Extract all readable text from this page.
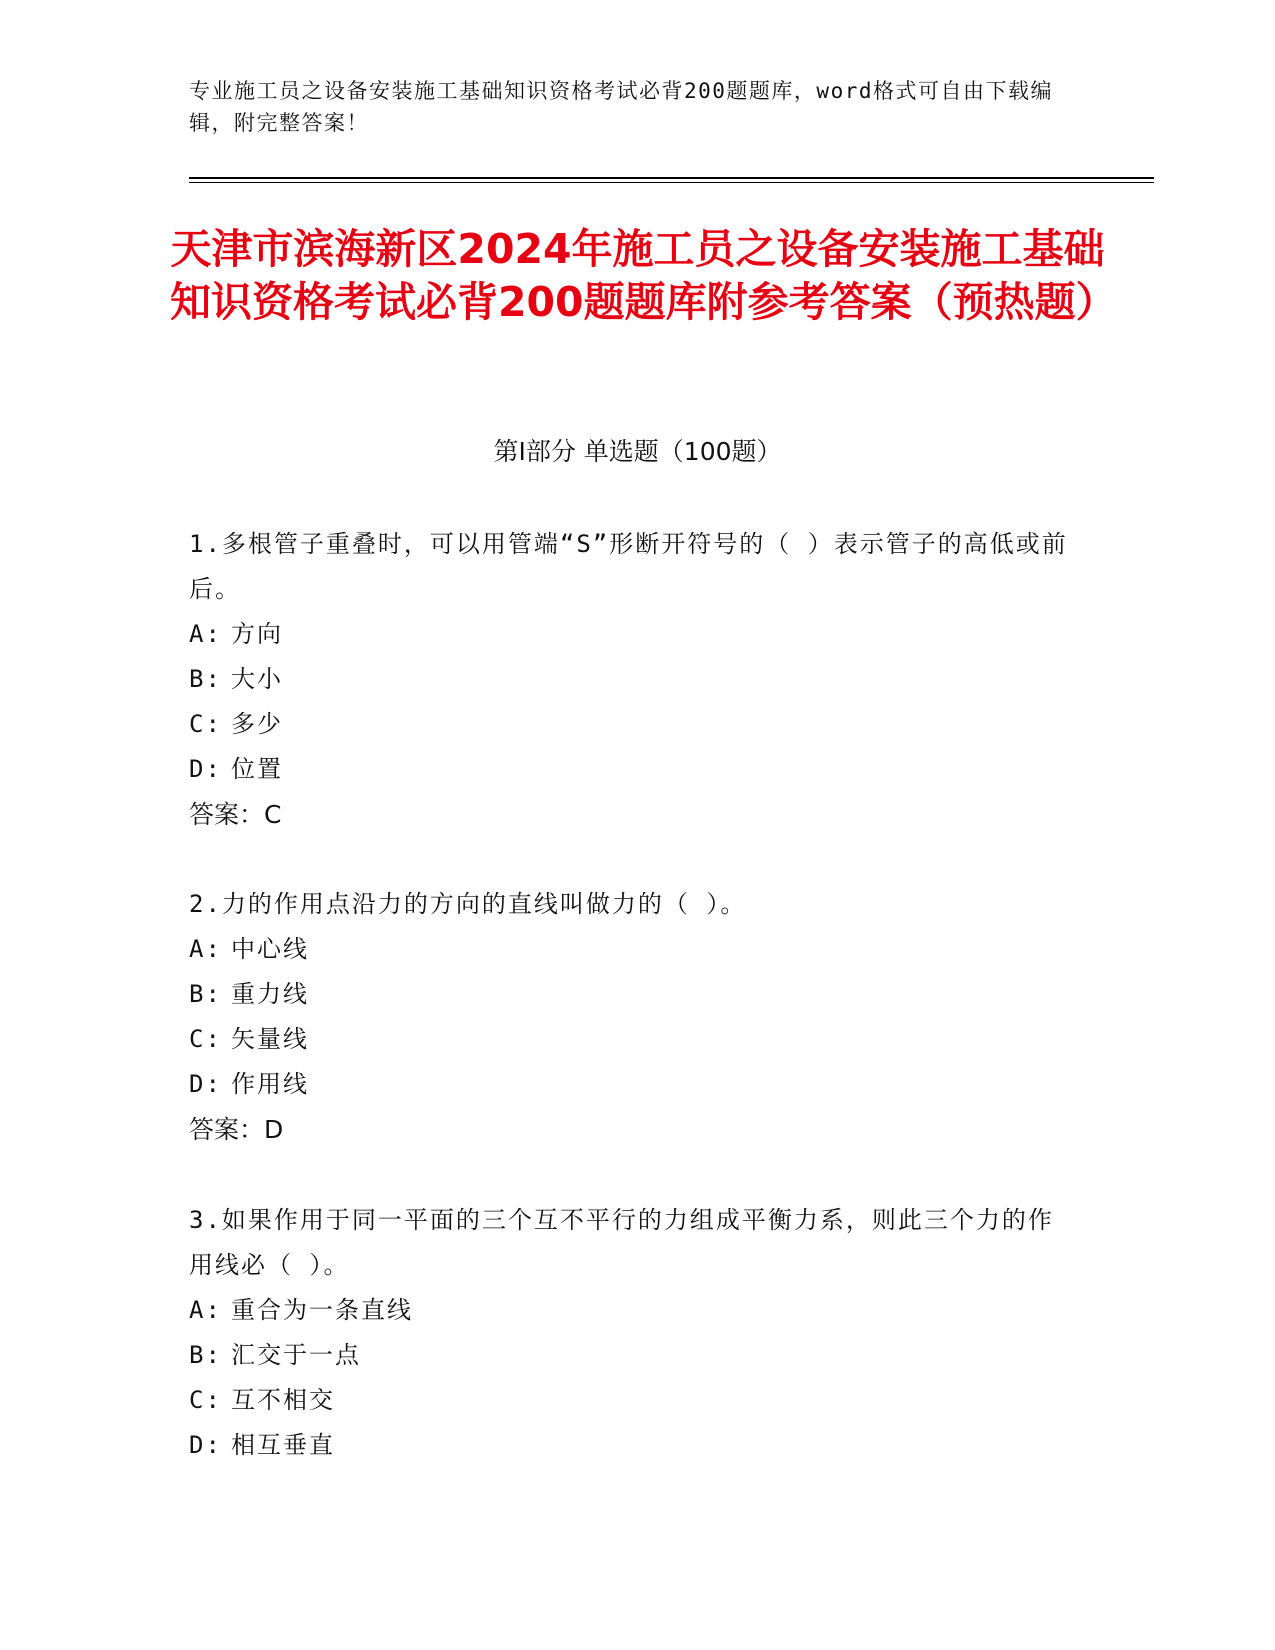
专业施工员之设备安装施工基础知识资格考试必背200题题库，word格式可自由下载编辑，附完整答案！
天津市滨海新区2024年施工员之设备安装施工基础知识资格考试必背200题题库附参考答案（预热题）
第Ⅰ部分 单选题（100题）
1.多根管子重叠时，可以用管端“S”形断开符号的（ ）表示管子的高低或前后。
A: 方向
B: 大小
C: 多少
D: 位置
答案：C
2.力的作用点沿力的方向的直线叫做力的（ ）。
A: 中心线
B: 重力线
C: 矢量线
D: 作用线
答案：D
3.如果作用于同一平面的三个互不平行的力组成平衡力系，则此三个力的作用线必（ ）。
A: 重合为一条直线
B: 汇交于一点
C: 互不相交
D: 相互垂直
